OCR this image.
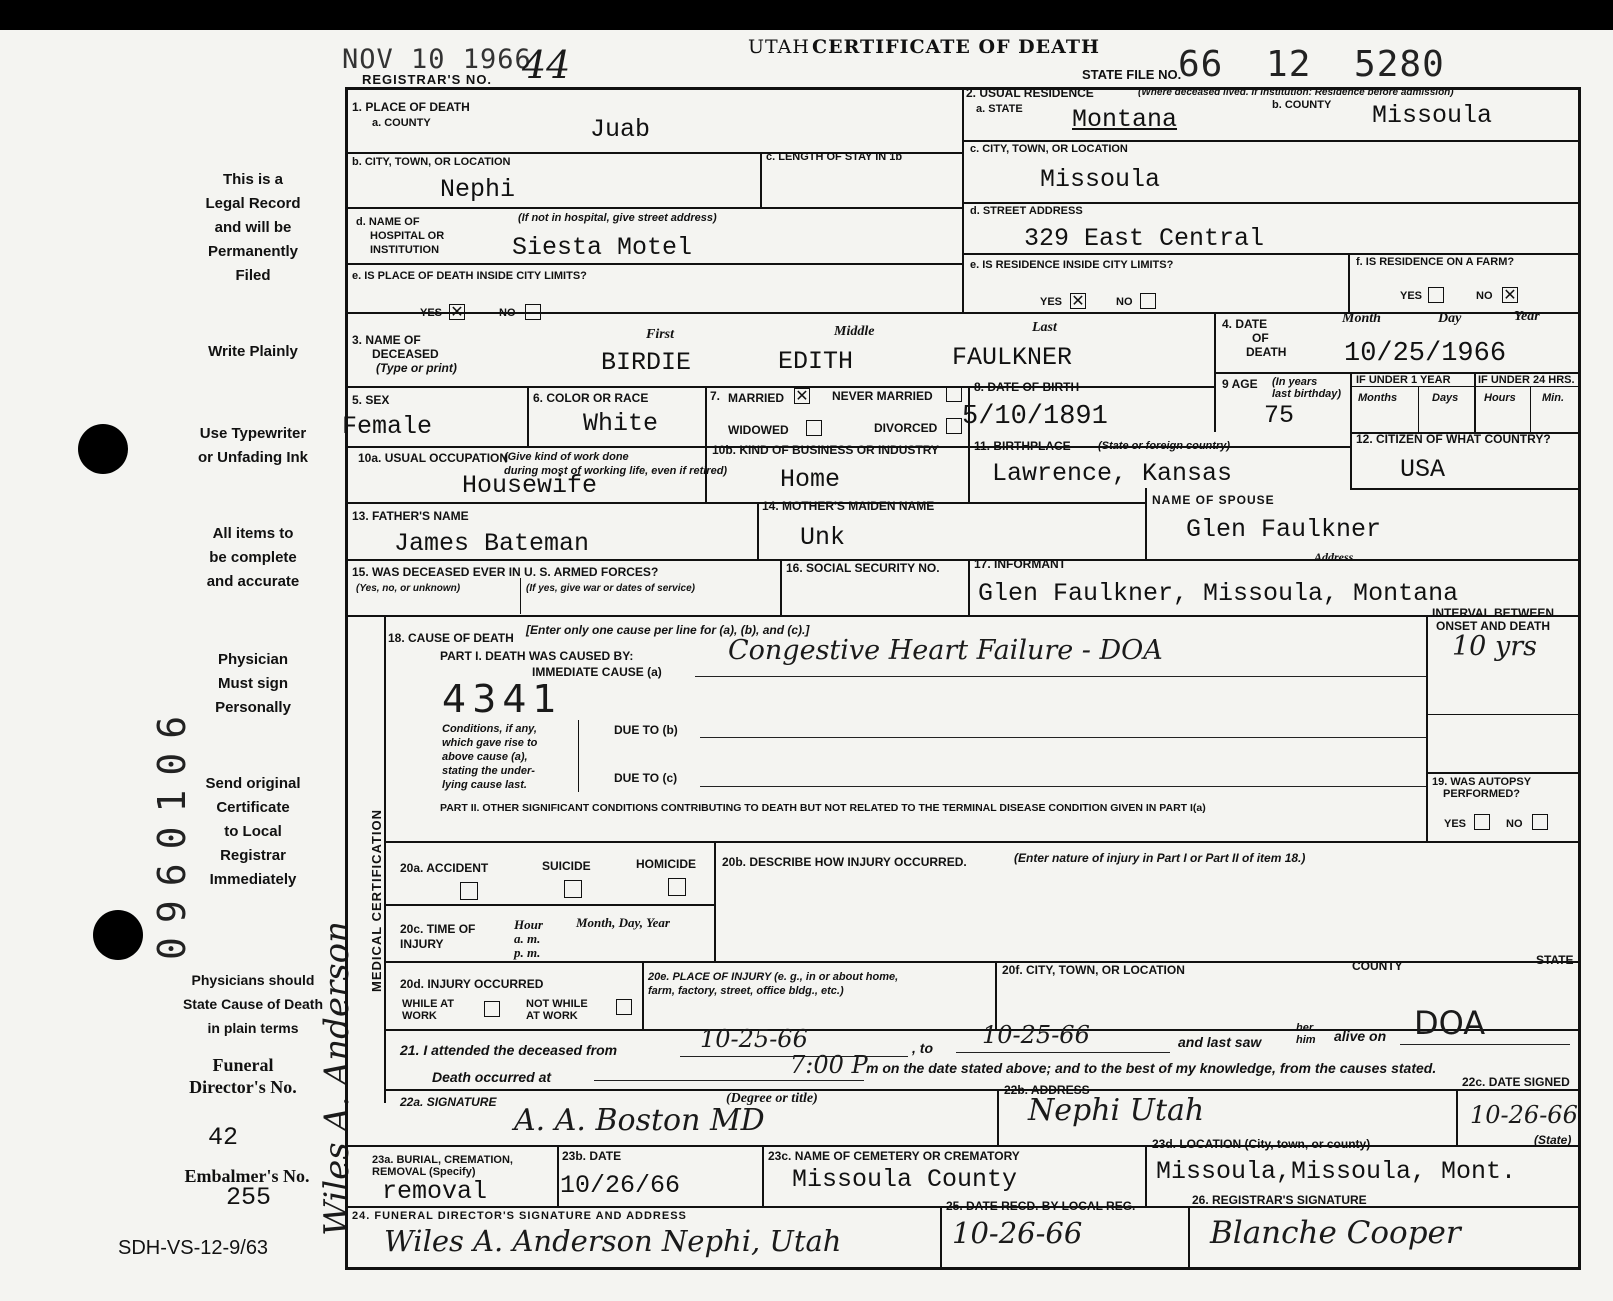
NOV 10 1966
REGISTRAR'S NO. 44	UTAH CERTIFICATE OF DEATH
STATE FILE NO.
66 12 5280
This is a
Legal Record
and will be
Permanently
Filed
Write Plainly
Use Typewriter
or Unfading Ink
All items to
be complete
and accurate
Physician
Must sign
Personally
Send original
Certificate
to Local
Registrar
Immediately
Physicians should
State Cause of Death
in plain terms
Funeral
Director's No.
42
Embalmer's No.
255
0960106
Wiles A. Anderson
SDH-VS-12-9/63
1. PLACE OF DEATH
a. COUNTY	Juab
b. CITY, TOWN, OR LOCATION
Nephi
c. LENGTH OF STAY IN 1b
d. NAME OF
HOSPITAL OR
INSTITUTION
(If not in hospital, give street address)
Siesta Motel
e. IS PLACE OF DEATH INSIDE CITY LIMITS?
YES ✕	NO
2. USUAL RESIDENCE	(Where deceased lived. If institution: Residence before admission)
a. STATE Montana	b. COUNTY Missoula
c. CITY, TOWN, OR LOCATION
Missoula
d. STREET ADDRESS
329 East Central
e. IS RESIDENCE INSIDE CITY LIMITS?
YES ✕	NO
f. IS RESIDENCE ON A FARM?
YES	NO ✕
3. NAME OF
DECEASED
(Type or print)
First	Middle	Last
BIRDIE	EDITH	FAULKNER
4. DATE
OF
DEATH
Month	Day	Year
10/25/1966
5. SEX
Female
6. COLOR OR RACE
White
7. MARRIED ✕ NEVER MARRIED
WIDOWED	DIVORCED
8. DATE OF BIRTH
5/10/1891
9 AGE (In years
last birthday)
75
IF UNDER 1 YEAR IF UNDER 24 HRS.
Months	Days Hours Min.
10a. USUAL OCCUPATION
(Give kind of work done
during most of working life, even if retired)
Housewife
10b. KIND OF BUSINESS OR INDUSTRY
Home
11. BIRTHPLACE (State or foreign country)
Lawrence, Kansas
12. CITIZEN OF WHAT COUNTRY?
USA
13. FATHER'S NAME
James Bateman
14. MOTHER'S MAIDEN NAME
Unk
NAME OF SPOUSE
Glen Faulkner
15. WAS DECEASED EVER IN U. S. ARMED FORCES?
(Yes, no, or unknown)	(If yes, give war or dates of service)
16. SOCIAL SECURITY NO.	17. INFORMANT	Address
Glen Faulkner, Missoula, Montana
MEDICAL CERTIFICATION
18. CAUSE OF DEATH
[Enter only one cause per line for (a), (b), and (c).]
PART I. DEATH WAS CAUSED BY:
IMMEDIATE CAUSE (a)
Congestive Heart Failure - DOA
INTERVAL BETWEEN
ONSET AND DEATH
10 yrs
4341
Conditions, if any,
which gave rise to
above cause (a),
stating the under-
lying cause last.
DUE TO (b)
DUE TO (c)
PART II. OTHER SIGNIFICANT CONDITIONS CONTRIBUTING TO DEATH BUT NOT RELATED TO THE TERMINAL DISEASE CONDITION GIVEN IN PART I(a)
19. WAS AUTOPSY
PERFORMED?
YES	NO
20a. ACCIDENT	SUICIDE	HOMICIDE 20b. DESCRIBE HOW INJURY OCCURRED.	(Enter nature of injury in Part I or Part II of item 18.)
20c. TIME OF
INJURY
Hour
a. m.
p. m.
Month, Day, Year
20d. INJURY OCCURRED
WHILE AT
WORK
NOT WHILE
AT WORK
20e. PLACE OF INJURY (e. g., in or about home,
farm, factory, street, office bldg., etc.)
20f. CITY, TOWN, OR LOCATION	COUNTY	STATE
21. I attended the deceased from	10-25-66	, to 10-25-66	and last saw
her
him alive on DOA
Death occurred at	7:00 P
m on the date stated above; and to the best of my knowledge, from the causes stated.
22a. SIGNATURE	(Degree or title)
A. A. Boston MD
22b. ADDRESS
Nephi Utah
22c. DATE SIGNED
10-26-66
23a. BURIAL, CREMATION,
REMOVAL (Specify)
removal
23b. DATE
10/26/66
23c. NAME OF CEMETERY OR CREMATORY
Missoula County
23d. LOCATION (City, town, or county)	(State)
Missoula,Missoula, Mont.
24. FUNERAL DIRECTOR'S SIGNATURE AND ADDRESS
Wiles A. Anderson Nephi, Utah
25. DATE RECD. BY LOCAL REG.
10-26-66
26. REGISTRAR'S SIGNATURE
Blanche Cooper
